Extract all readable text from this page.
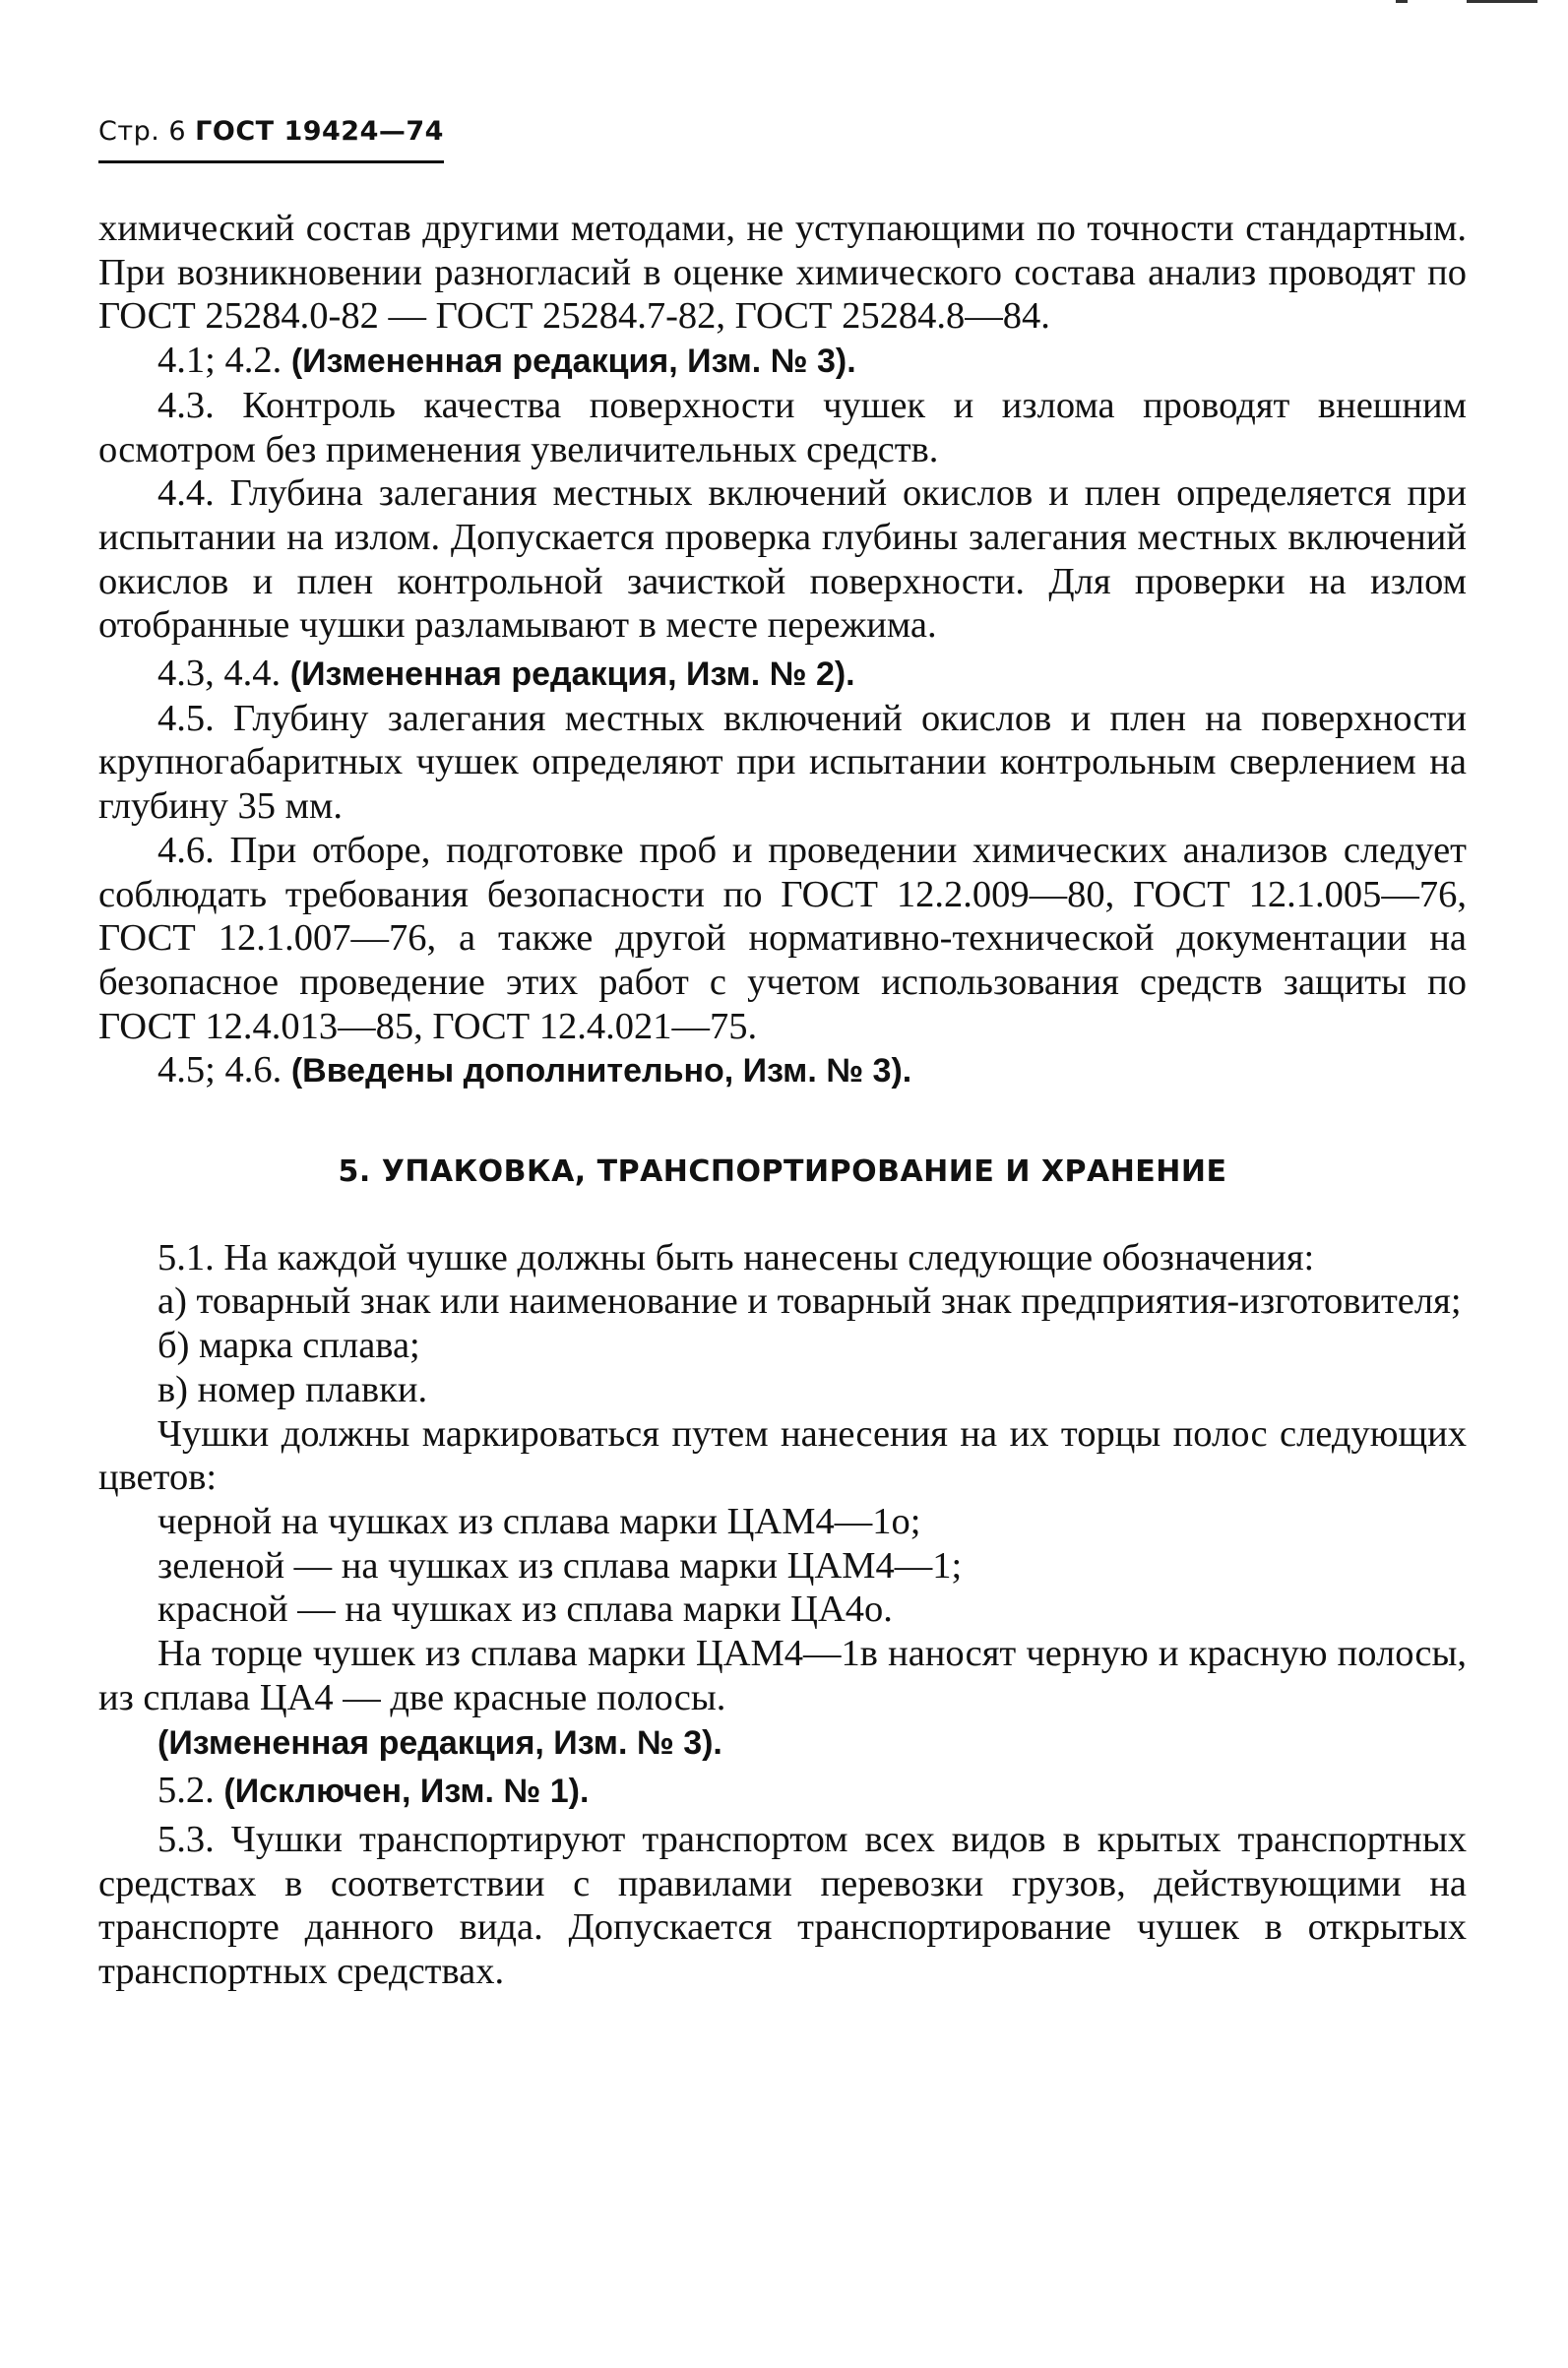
Стр. 6 ГОСТ 19424—74

химический состав другими методами, не уступающими по точности стандартным. При возникновении разногласий в оценке химического состава анализ проводят по ГОСТ 25284.0-82 — ГОСТ 25284.7-82, ГОСТ 25284.8—84.

4.1; 4.2. (Измененная редакция, Изм. № 3).

4.3. Контроль качества поверхности чушек и излома проводят внешним осмотром без применения увеличительных средств.

4.4. Глубина залегания местных включений окислов и плен определяется при испытании на излом. Допускается проверка глубины залегания местных включений окислов и плен контрольной зачисткой поверхности. Для проверки на излом отобранные чушки разламывают в месте пережима.

4.3, 4.4. (Измененная редакция, Изм. № 2).

4.5. Глубину залегания местных включений окислов и плен на поверхности крупногабаритных чушек определяют при испытании контрольным сверлением на глубину 35 мм.

4.6. При отборе, подготовке проб и проведении химических анализов следует соблюдать требования безопасности по ГОСТ 12.2.009—80, ГОСТ 12.1.005—76, ГОСТ 12.1.007—76, а также другой нормативно-технической документации на безопасное проведение этих работ с учетом использования средств защиты по ГОСТ 12.4.013—85, ГОСТ 12.4.021—75.

4.5; 4.6. (Введены дополнительно, Изм. № 3).

5. УПАКОВКА, ТРАНСПОРТИРОВАНИЕ И ХРАНЕНИЕ

5.1. На каждой чушке должны быть нанесены следующие обозначения:

а) товарный знак или наименование и товарный знак предприятия-изготовителя;

б) марка сплава;

в) номер плавки.

Чушки должны маркироваться путем нанесения на их торцы полос следующих цветов:

черной на чушках из сплава марки ЦАМ4—1о;

зеленой — на чушках из сплава марки ЦАМ4—1;

красной — на чушках из сплава марки ЦА4о.

На торце чушек из сплава марки ЦАМ4—1в наносят черную и красную полосы, из сплава ЦА4 — две красные полосы.

(Измененная редакция, Изм. № 3).

5.2. (Исключен, Изм. № 1).

5.3. Чушки транспортируют транспортом всех видов в крытых транспортных средствах в соответствии с правилами перевозки грузов, действующими на транспорте данного вида. Допускается транспортирование чушек в открытых транспортных средствах.
